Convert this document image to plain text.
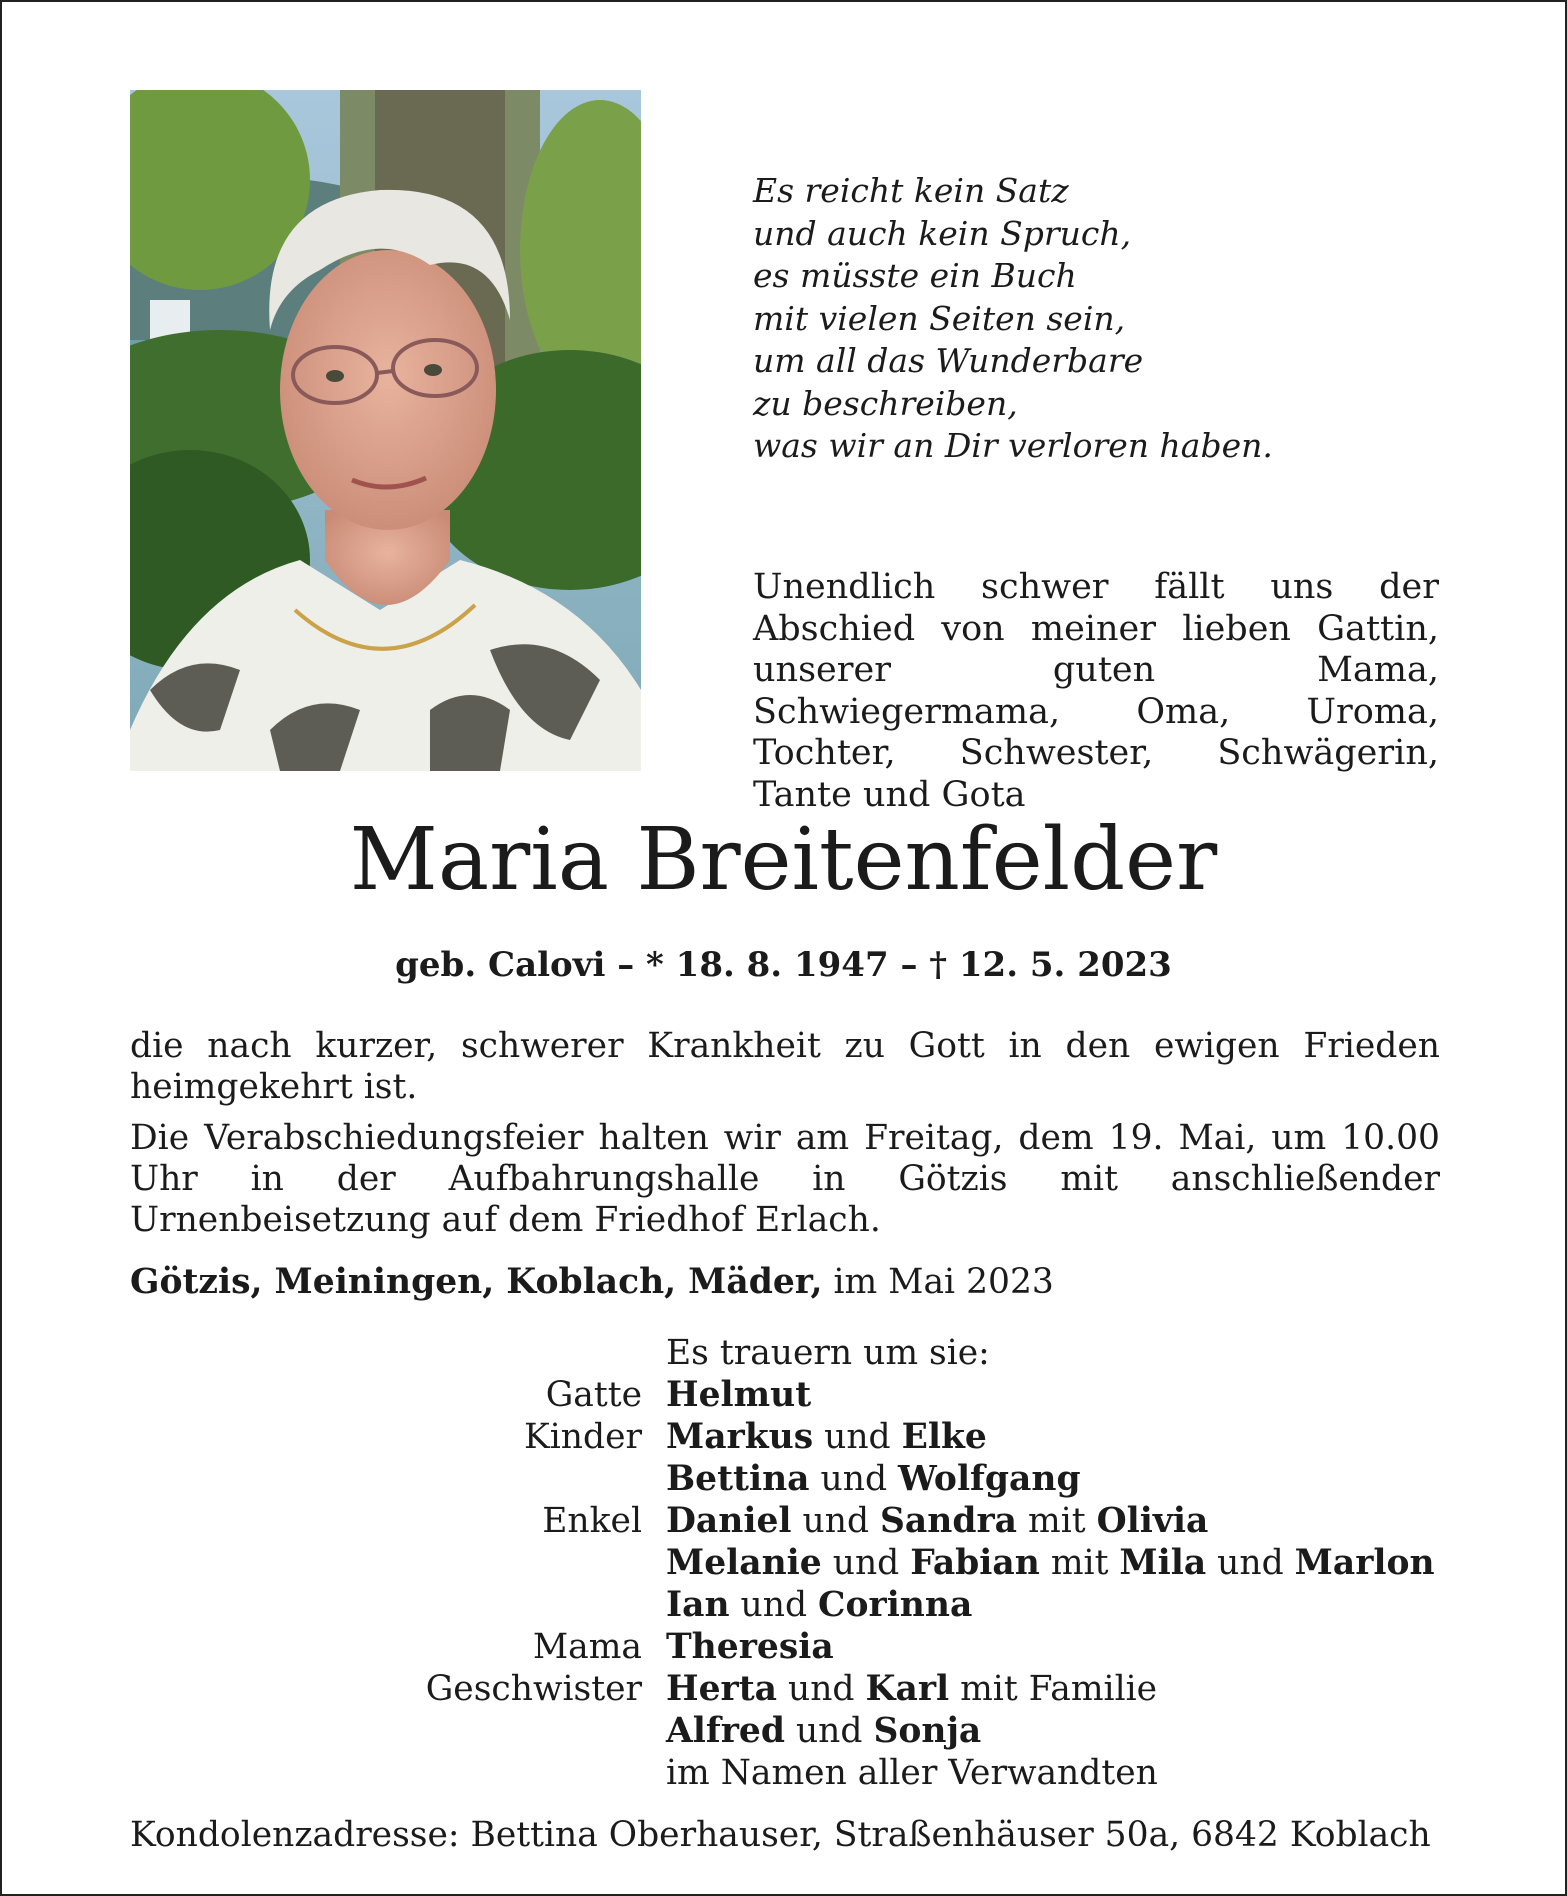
Es reicht kein Satz
und auch kein Spruch,
es müsste ein Buch
mit vielen Seiten sein,
um all das Wunderbare
zu beschreiben,
was wir an Dir verloren haben.
Unendlich schwer fällt uns der Abschied von meiner lieben Gattin, unserer guten Mama, Schwiegermama, Oma, Uroma, Tochter, Schwester, Schwägerin, Tante und Gota
Maria Breitenfelder
geb. Calovi – * 18. 8. 1947 – † 12. 5. 2023
die nach kurzer, schwerer Krankheit zu Gott in den ewigen Frieden heimgekehrt ist.
Die Verabschiedungsfeier halten wir am Freitag, dem 19. Mai, um 10.00 Uhr in der Aufbahrungshalle in Götzis mit anschließender Urnenbeisetzung auf dem Friedhof Erlach.
Götzis, Meiningen, Koblach, Mäder, im Mai 2023
Es trauern um sie:
Gatte Helmut
Kinder Markus und Elke
Bettina und Wolfgang
Enkel Daniel und Sandra mit Olivia
Melanie und Fabian mit Mila und Marlon
Ian und Corinna
Mama Theresia
Geschwister Herta und Karl mit Familie
Alfred und Sonja
im Namen aller Verwandten
Kondolenzadresse: Bettina Oberhauser, Straßenhäuser 50a, 6842 Koblach
